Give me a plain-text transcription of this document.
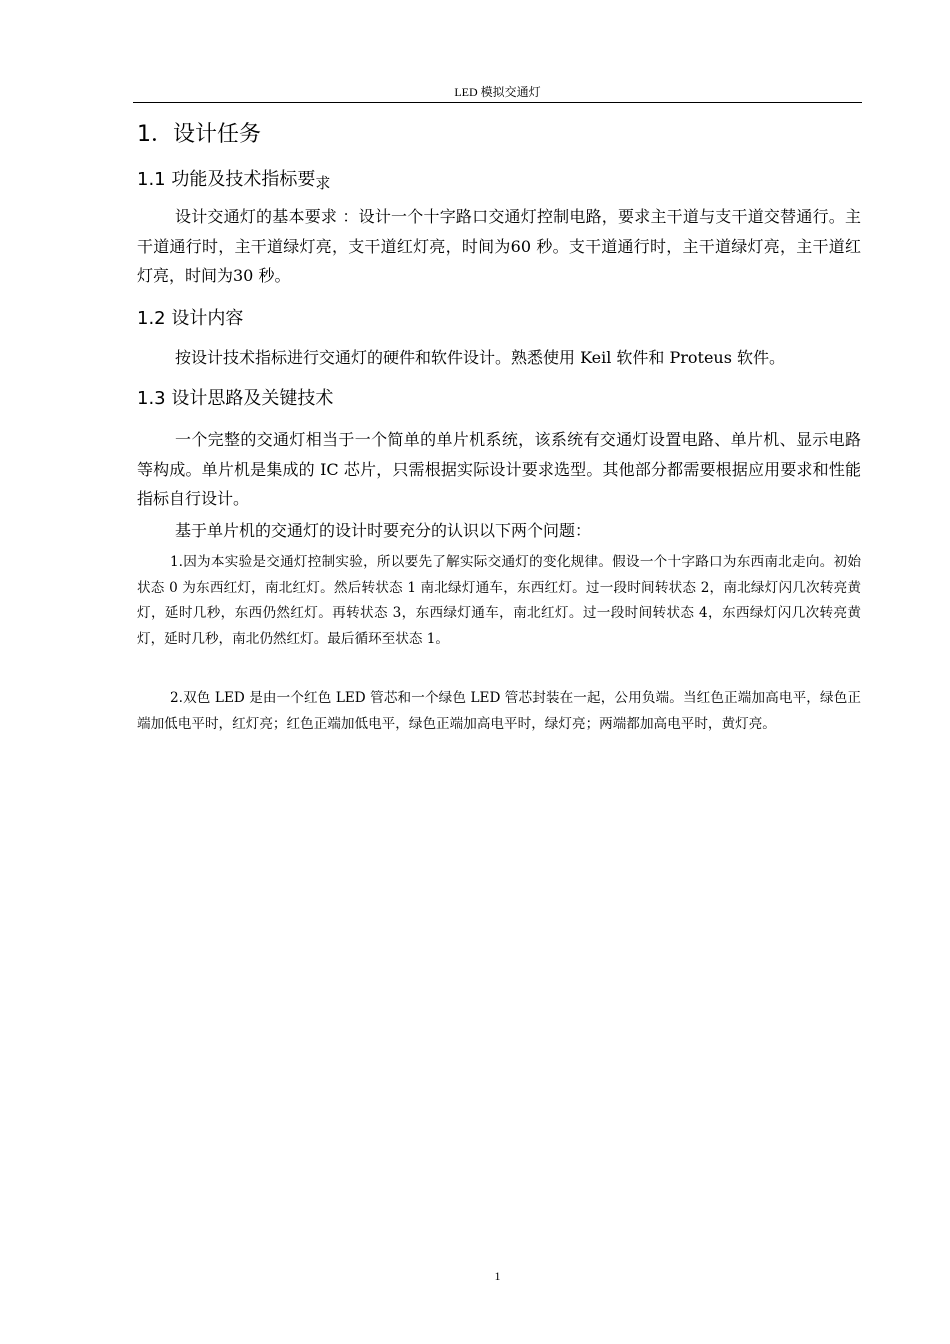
LED 模拟交通灯
1．设计任务
1.1 功能及技术指标要求

设计交通灯的基本要求 ：设计一个十字路口交通灯控制电路，要求主干道与支干道交替通行。主干道通行时，主干道绿灯亮，支干道红灯亮，时间为60 秒。支干道通行时，主干道绿灯亮，主干道红灯亮，时间为30 秒。

1.2 设计内容

按设计技术指标进行交通灯的硬件和软件设计。熟悉使用 Keil 软件和 Proteus 软件。

1.3 设计思路及关键技术

一个完整的交通灯相当于一个简单的单片机系统，该系统有交通灯设置电路、单片机、显示电路等构成。单片机是集成的 IC 芯片，只需根据实际设计要求选型。其他部分都需要根据应用要求和性能指标自行设计。

基于单片机的交通灯的设计时要充分的认识以下两个问题：

1.因为本实验是交通灯控制实验，所以要先了解实际交通灯的变化规律。假设一个十字路口为东西南北走向。初始状态 0 为东西红灯，南北红灯。然后转状态 1 南北绿灯通车，东西红灯。过一段时间转状态 2，南北绿灯闪几次转亮黄灯，延时几秒，东西仍然红灯。再转状态 3，东西绿灯通车，南北红灯。过一段时间转状态 4，东西绿灯闪几次转亮黄灯，延时几秒，南北仍然红灯。最后循环至状态 1。

2.双色 LED 是由一个红色 LED 管芯和一个绿色 LED 管芯封装在一起，公用负端。当红色正端加高电平，绿色正端加低电平时，红灯亮；红色正端加低电平，绿色正端加高电平时，绿灯亮；两端都加高电平时，黄灯亮。

1
